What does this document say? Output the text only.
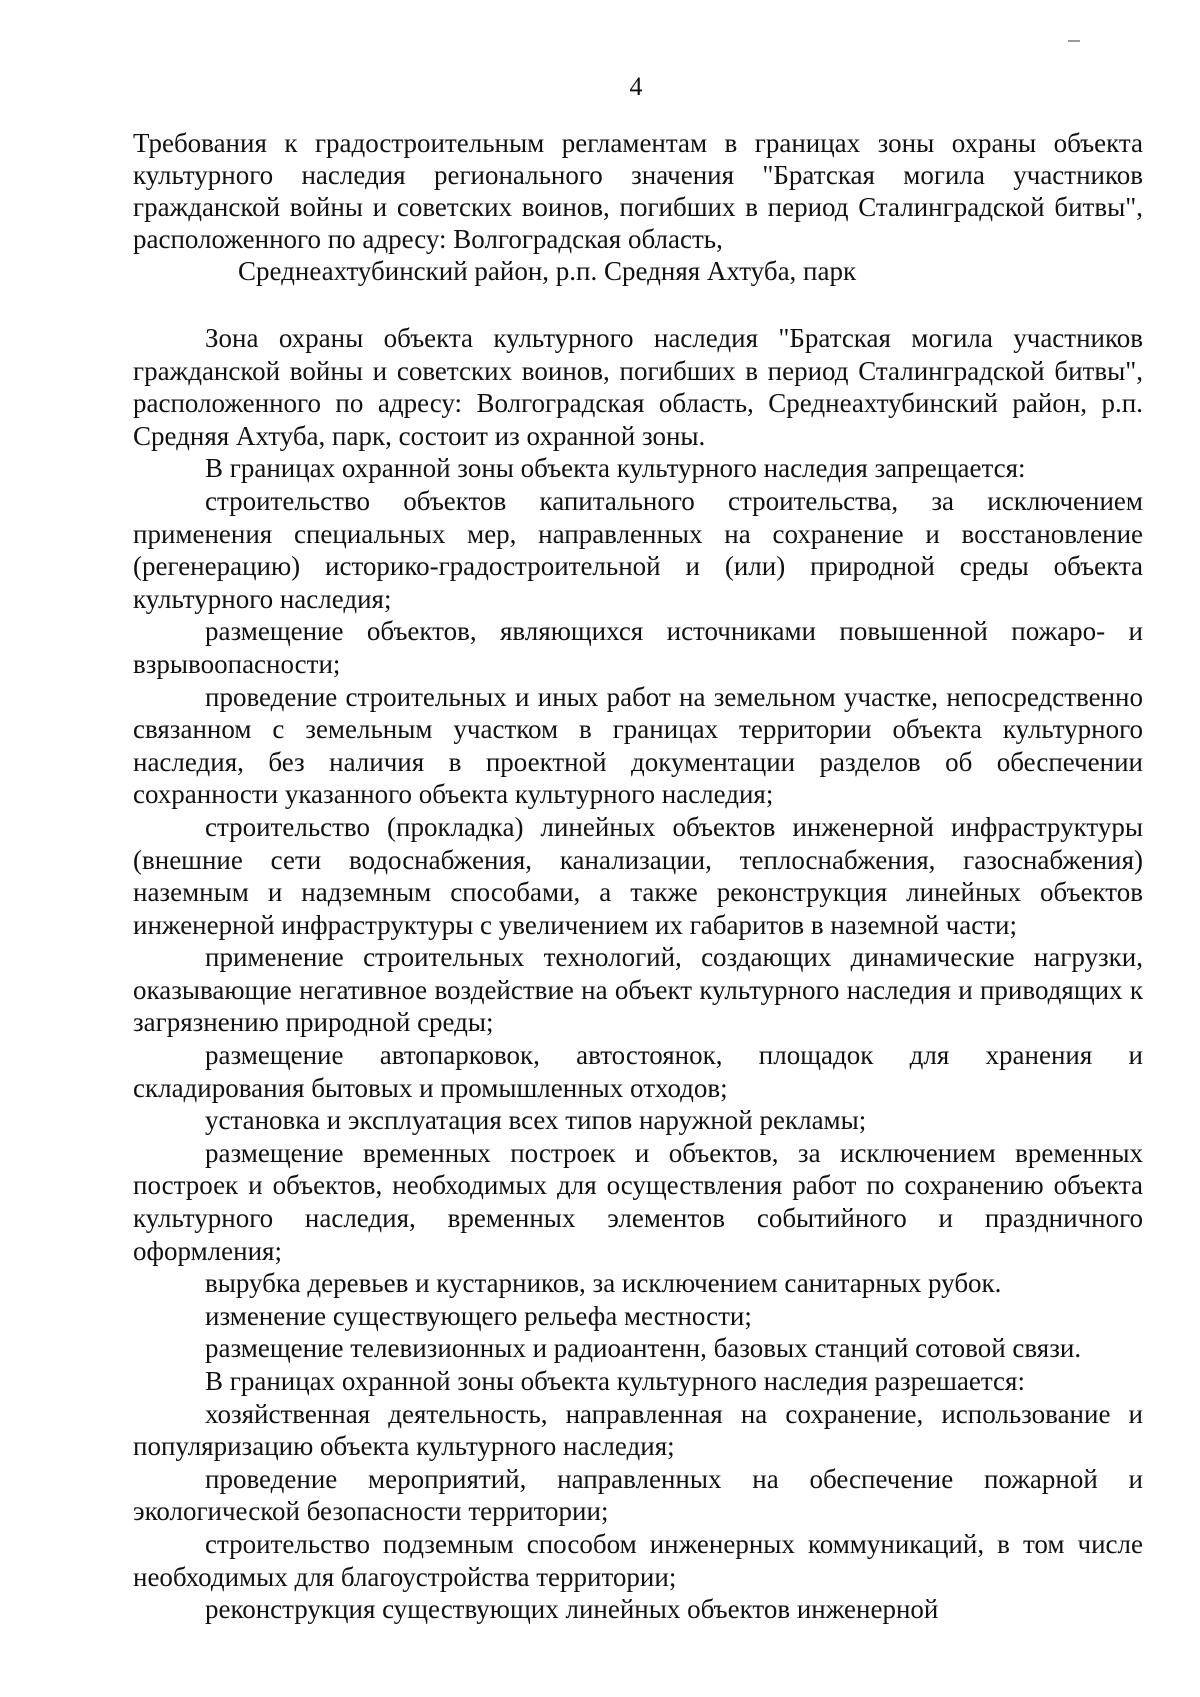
4
Требования к градостроительным регламентам в границах зоны охраны объекта культурного наследия регионального значения "Братская могила участников гражданской войны и советских воинов, погибших в период Сталинградской битвы", расположенного по адресу: Волгоградская область,
Среднеахтубинский район, р.п. Средняя Ахтуба, парк

Зона охраны объекта культурного наследия "Братская могила участников гражданской войны и советских воинов, погибших в период Сталинградской битвы", расположенного по адресу: Волгоградская область, Среднеахтубинский район, р.п. Средняя Ахтуба, парк, состоит из охранной зоны.

В границах охранной зоны объекта культурного наследия запрещается:

строительство объектов капитального строительства, за исключением применения специальных мер, направленных на сохранение и восстановление (регенерацию) историко-градостроительной и (или) природной среды объекта культурного наследия;

размещение объектов, являющихся источниками повышенной пожаро- и взрывоопасности;

проведение строительных и иных работ на земельном участке, непосредственно связанном с земельным участком в границах территории объекта культурного наследия, без наличия в проектной документации разделов об обеспечении сохранности указанного объекта культурного наследия;

строительство (прокладка) линейных объектов инженерной инфраструктуры (внешние сети водоснабжения, канализации, теплоснабжения, газоснабжения) наземным и надземным способами, а также реконструкция линейных объектов инженерной инфраструктуры с увеличением их габаритов в наземной части;

применение строительных технологий, создающих динамические нагрузки, оказывающие негативное воздействие на объект культурного наследия и приводящих к загрязнению природной среды;

размещение автопарковок, автостоянок, площадок для хранения и складирования бытовых и промышленных отходов;

установка и эксплуатация всех типов наружной рекламы;

размещение временных построек и объектов, за исключением временных построек и объектов, необходимых для осуществления работ по сохранению объекта культурного наследия, временных элементов событийного и праздничного оформления;

вырубка деревьев и кустарников, за исключением санитарных рубок.

изменение существующего рельефа местности;

размещение телевизионных и радиоантенн, базовых станций сотовой связи.

В границах охранной зоны объекта культурного наследия разрешается:

хозяйственная деятельность, направленная на сохранение, использование и популяризацию объекта культурного наследия;

проведение мероприятий, направленных на обеспечение пожарной и экологической безопасности территории;

строительство подземным способом инженерных коммуникаций, в том числе необходимых для благоустройства территории;

реконструкция существующих линейных объектов инженерной
